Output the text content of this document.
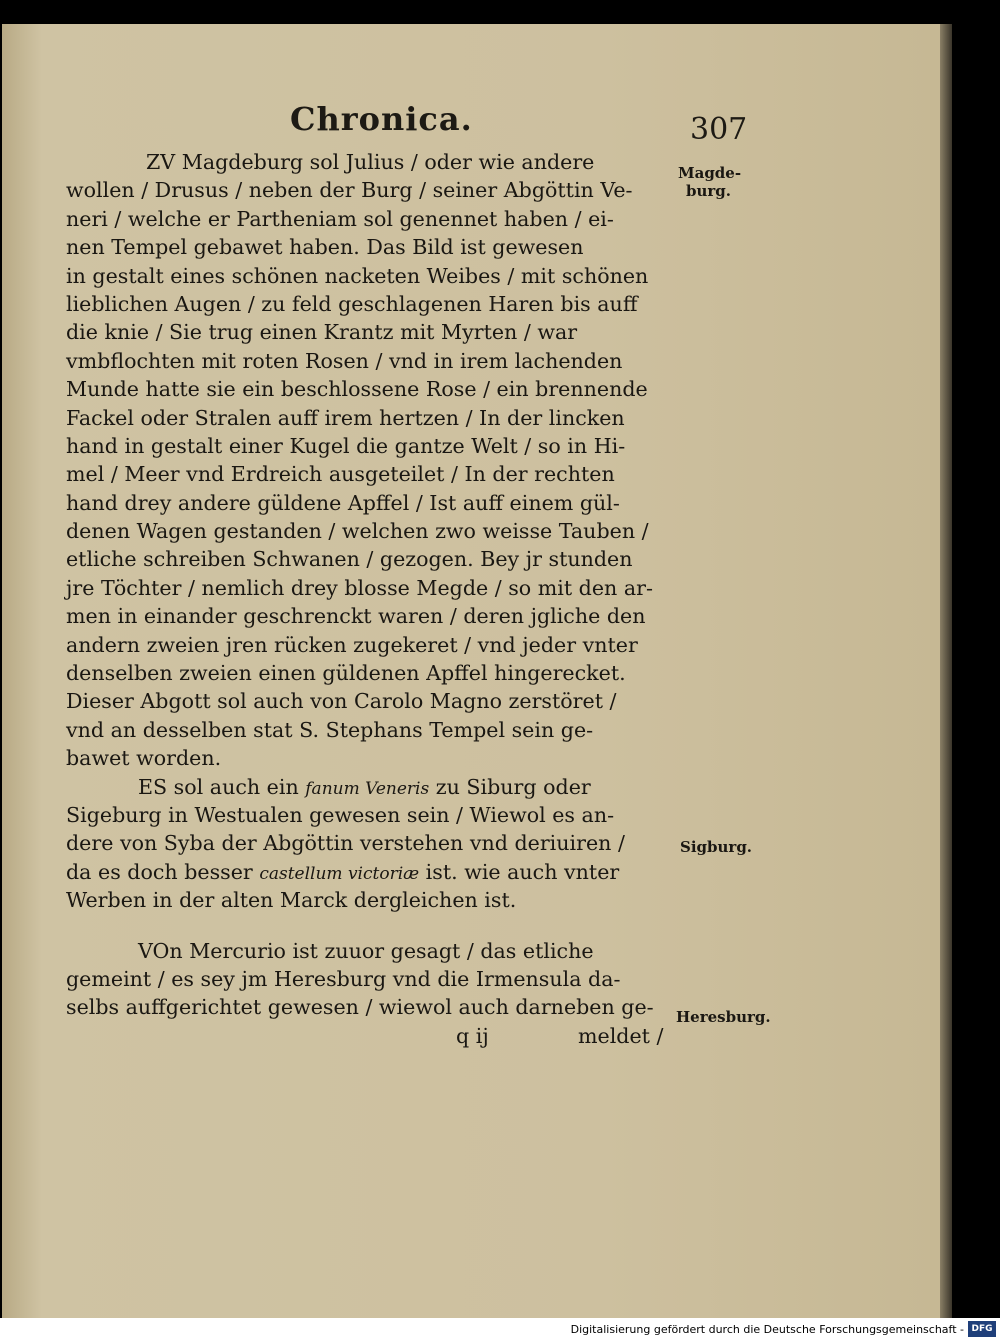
Chronica.	307
ZV Magdeburg sol Julius / oder wie andere
wollen / Drusus / neben der Burg / seiner Abgöttin Ve-
neri / welche er Partheniam sol genennet haben / ei-
nen Tempel gebawet haben. Das Bild ist gewesen
in gestalt eines schönen nacketen Weibes / mit schönen
lieblichen Augen / zu feld geschlagenen Haren bis auff
die knie / Sie trug einen Krantz mit Myrten / war
vmbflochten mit roten Rosen / vnd in irem lachenden
Munde hatte sie ein beschlossene Rose / ein brennende
Fackel oder Stralen auff irem hertzen / In der lincken
hand in gestalt einer Kugel die gantze Welt / so in Hi-
mel / Meer vnd Erdreich ausgeteilet / In der rechten
hand drey andere güldene Apffel / Ist auff einem gül-
denen Wagen gestanden / welchen zwo weisse Tauben /
etliche schreiben Schwanen / gezogen. Bey jr stunden
jre Töchter / nemlich drey blosse Megde / so mit den ar-
men in einander geschrenckt waren / deren jgliche den
andern zweien jren rücken zugekeret / vnd jeder vnter
denselben zweien einen güldenen Apffel hingerecket.
Dieser Abgott sol auch von Carolo Magno zerstöret /
vnd an desselben stat S. Stephans Tempel sein ge-
bawet worden.
ES sol auch ein fanum Veneris zu Siburg oder
Sigeburg in Westualen gewesen sein / Wiewol es an-
dere von Syba der Abgöttin verstehen vnd deriuiren /
da es doch besser castellum victoriæ ist. wie auch vnter
Werben in der alten Marck dergleichen ist.
VOn Mercurio ist zuuor gesagt / das etliche
gemeint / es sey jm Heresburg vnd die Irmensula da-
selbs auffgerichtet gewesen / wiewol auch darneben ge-
q ij	meldet /
Magde-
burg.
Sigburg.
Heresburg.
Digitalisierung gefördert durch die Deutsche Forschungsgemeinschaft - DFG
